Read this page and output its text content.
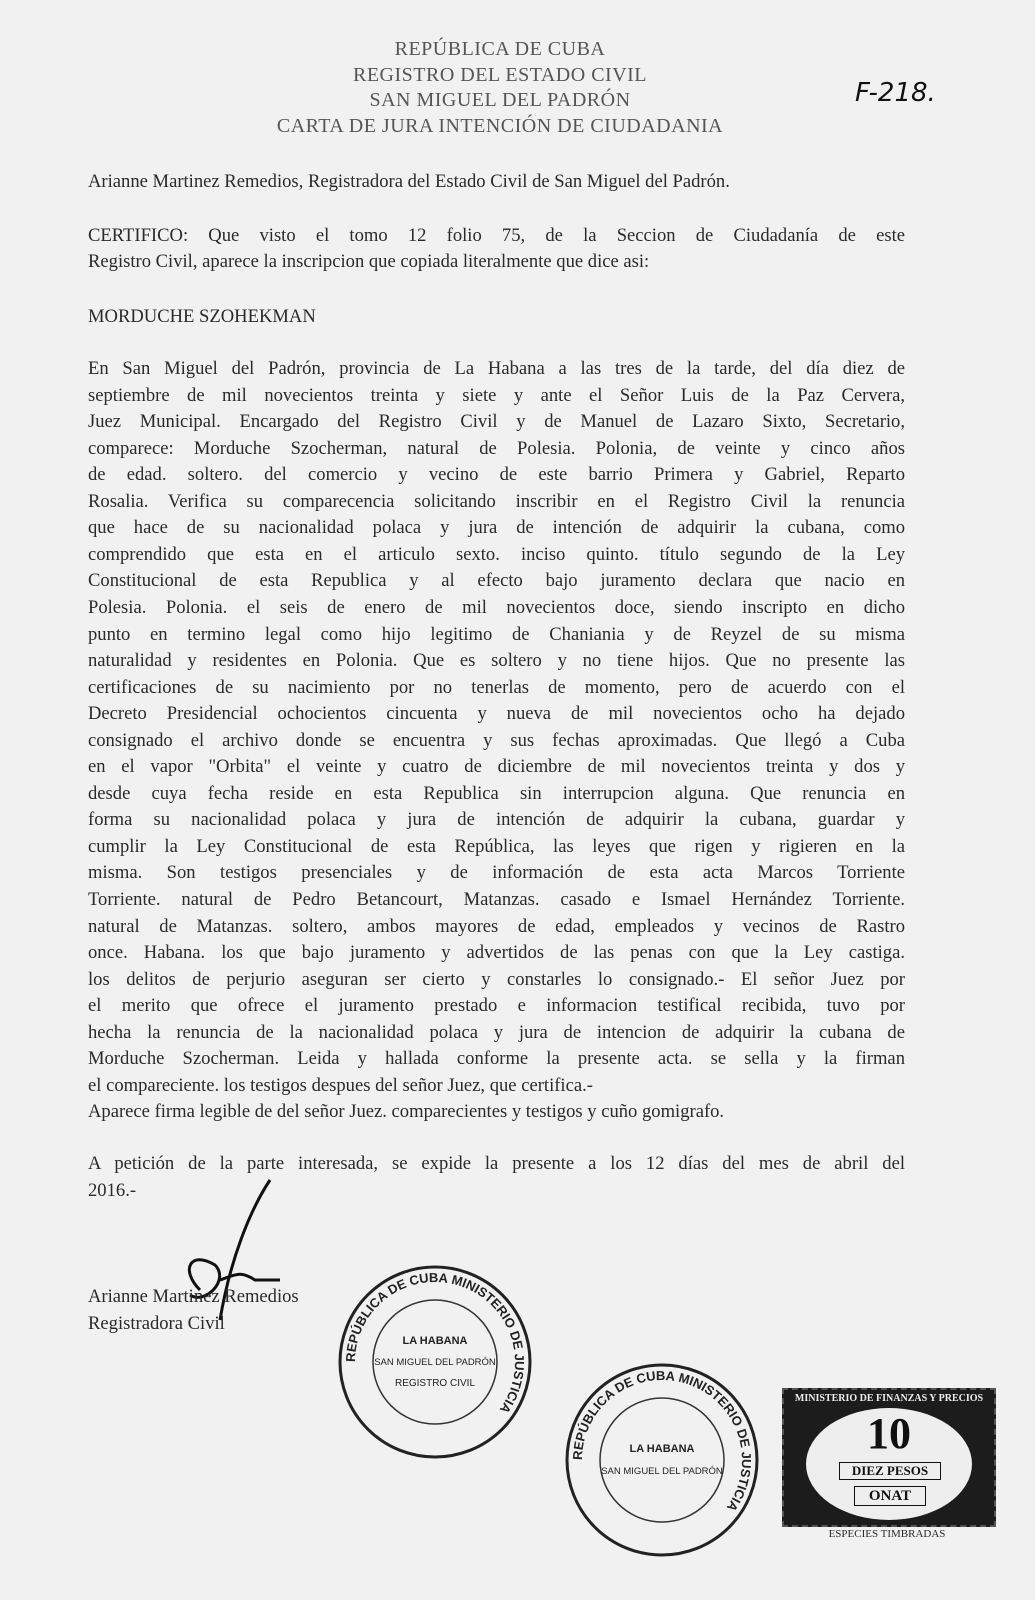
REPÚBLICA DE CUBA
REGISTRO DEL ESTADO CIVIL
SAN MIGUEL DEL PADRÓN
CARTA DE JURA INTENCIÓN DE CIUDADANIA
F-218.
Arianne Martinez Remedios, Registradora del Estado Civil de San Miguel del Padrón.
CERTIFICO: Que visto el tomo 12 folio 75, de la Seccion de Ciudadanía de este
Registro Civil, aparece la inscripcion que copiada literalmente que dice asi:
MORDUCHE SZOHEKMAN
En San Miguel del Padrón, provincia de La Habana a las tres de la tarde, del día diez de
septiembre de mil novecientos treinta y siete y ante el Señor Luis de la Paz Cervera,
Juez Municipal. Encargado del Registro Civil y de Manuel de Lazaro Sixto, Secretario,
comparece: Morduche Szocherman, natural de Polesia. Polonia, de veinte y cinco años
de edad. soltero. del comercio y vecino de este barrio Primera y Gabriel, Reparto
Rosalia. Verifica su comparecencia solicitando inscribir en el Registro Civil la renuncia
que hace de su nacionalidad polaca y jura de intención de adquirir la cubana, como
comprendido que esta en el articulo sexto. inciso quinto. título segundo de la Ley
Constitucional de esta Republica y al efecto bajo juramento declara que nacio en
Polesia. Polonia. el seis de enero de mil novecientos doce, siendo inscripto en dicho
punto en termino legal como hijo legitimo de Chaniania y de Reyzel de su misma
naturalidad y residentes en Polonia. Que es soltero y no tiene hijos. Que no presente las
certificaciones de su nacimiento por no tenerlas de momento, pero de acuerdo con el
Decreto Presidencial ochocientos cincuenta y nueva de mil novecientos ocho ha dejado
consignado el archivo donde se encuentra y sus fechas aproximadas. Que llegó a Cuba
en el vapor "Orbita" el veinte y cuatro de diciembre de mil novecientos treinta y dos y
desde cuya fecha reside en esta Republica sin interrupcion alguna. Que renuncia en
forma su nacionalidad polaca y jura de intención de adquirir la cubana, guardar y
cumplir la Ley Constitucional de esta República, las leyes que rigen y rigieren en la
misma. Son testigos presenciales y de información de esta acta Marcos Torriente
Torriente. natural de Pedro Betancourt, Matanzas. casado e Ismael Hernández Torriente.
natural de Matanzas. soltero, ambos mayores de edad, empleados y vecinos de Rastro
once. Habana. los que bajo juramento y advertidos de las penas con que la Ley castiga.
los delitos de perjurio aseguran ser cierto y constarles lo consignado.- El señor Juez por
el merito que ofrece el juramento prestado e informacion testifical recibida, tuvo por
hecha la renuncia de la nacionalidad polaca y jura de intencion de adquirir la cubana de
Morduche Szocherman. Leida y hallada conforme la presente acta. se sella y la firman
el compareciente. los testigos despues del señor Juez, que certifica.-
Aparece firma legible de del señor Juez. comparecientes y testigos y cuño gomigrafo.
A petición de la parte interesada, se expide la presente a los 12 días del mes de abril del
2016.-
Arianne Martinez Remedios
Registradora Civil
REPÚBLICA DE CUBA MINISTERIO DE JUSTICIA
LA HABANA
SAN MIGUEL DEL PADRÓN
REGISTRO CIVIL
REPÚBLICA DE CUBA MINISTERIO DE JUSTICIA
LA HABANA
SAN MIGUEL DEL PADRÓN
MINISTERIO DE FINANZAS Y PRECIOS
10
DIEZ PESOS
ONAT
ESPECIES TIMBRADAS
